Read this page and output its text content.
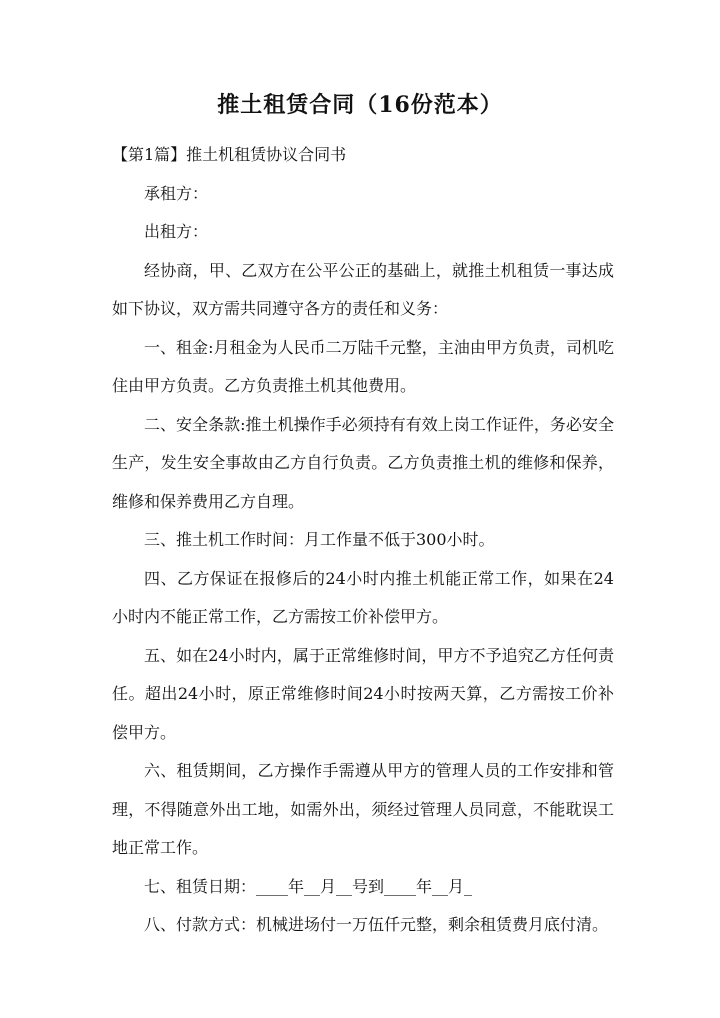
推土租赁合同（16份范本）

【第1篇】推土机租赁协议合同书

承租方：

出租方：

经协商，甲、乙双方在公平公正的基础上，就推土机租赁一事达成如下协议，双方需共同遵守各方的责任和义务：

一、租金:月租金为人民币二万陆千元整，主油由甲方负责，司机吃住由甲方负责。乙方负责推土机其他费用。

二、安全条款:推土机操作手必须持有有效上岗工作证件，务必安全生产，发生安全事故由乙方自行负责。乙方负责推土机的维修和保养，维修和保养费用乙方自理。

三、推土机工作时间：月工作量不低于300小时。

四、乙方保证在报修后的24小时内推土机能正常工作，如果在24小时内不能正常工作，乙方需按工价补偿甲方。

五、如在24小时内，属于正常维修时间，甲方不予追究乙方任何责任。超出24小时，原正常维修时间24小时按两天算，乙方需按工价补偿甲方。

六、租赁期间，乙方操作手需遵从甲方的管理人员的工作安排和管理，不得随意外出工地，如需外出，须经过管理人员同意，不能耽误工地正常工作。

七、租赁日期：____年__月__号到____年__月_

八、付款方式：机械进场付一万伍仟元整，剩余租赁费月底付清。
